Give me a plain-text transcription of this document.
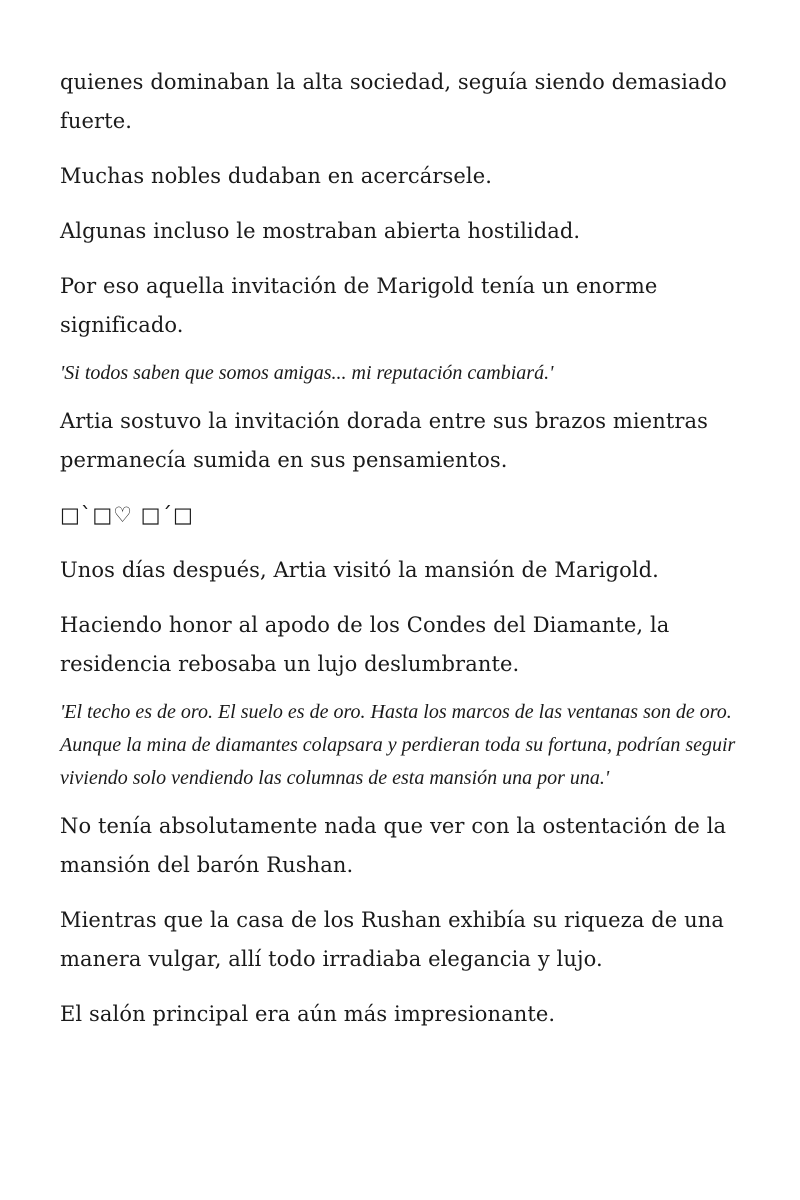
quienes dominaban la alta sociedad, seguía siendo demasiado fuerte.

Muchas nobles dudaban en acercársele.

Algunas incluso le mostraban abierta hostilidad.

Por eso aquella invitación de Marigold tenía un enorme significado.

'Si todos saben que somos amigas... mi reputación cambiará.'

Artia sostuvo la invitación dorada entre sus brazos mientras permanecía sumida en sus pensamientos.

□`□♡ □´□

Unos días después, Artia visitó la mansión de Marigold.

Haciendo honor al apodo de los Condes del Diamante, la residencia rebosaba un lujo deslumbrante.

'El techo es de oro. El suelo es de oro. Hasta los marcos de las ventanas son de oro. Aunque la mina de diamantes colapsara y perdieran toda su fortuna, podrían seguir viviendo solo vendiendo las columnas de esta mansión una por una.'

No tenía absolutamente nada que ver con la ostentación de la mansión del barón Rushan.

Mientras que la casa de los Rushan exhibía su riqueza de una manera vulgar, allí todo irradiaba elegancia y lujo.

El salón principal era aún más impresionante.
